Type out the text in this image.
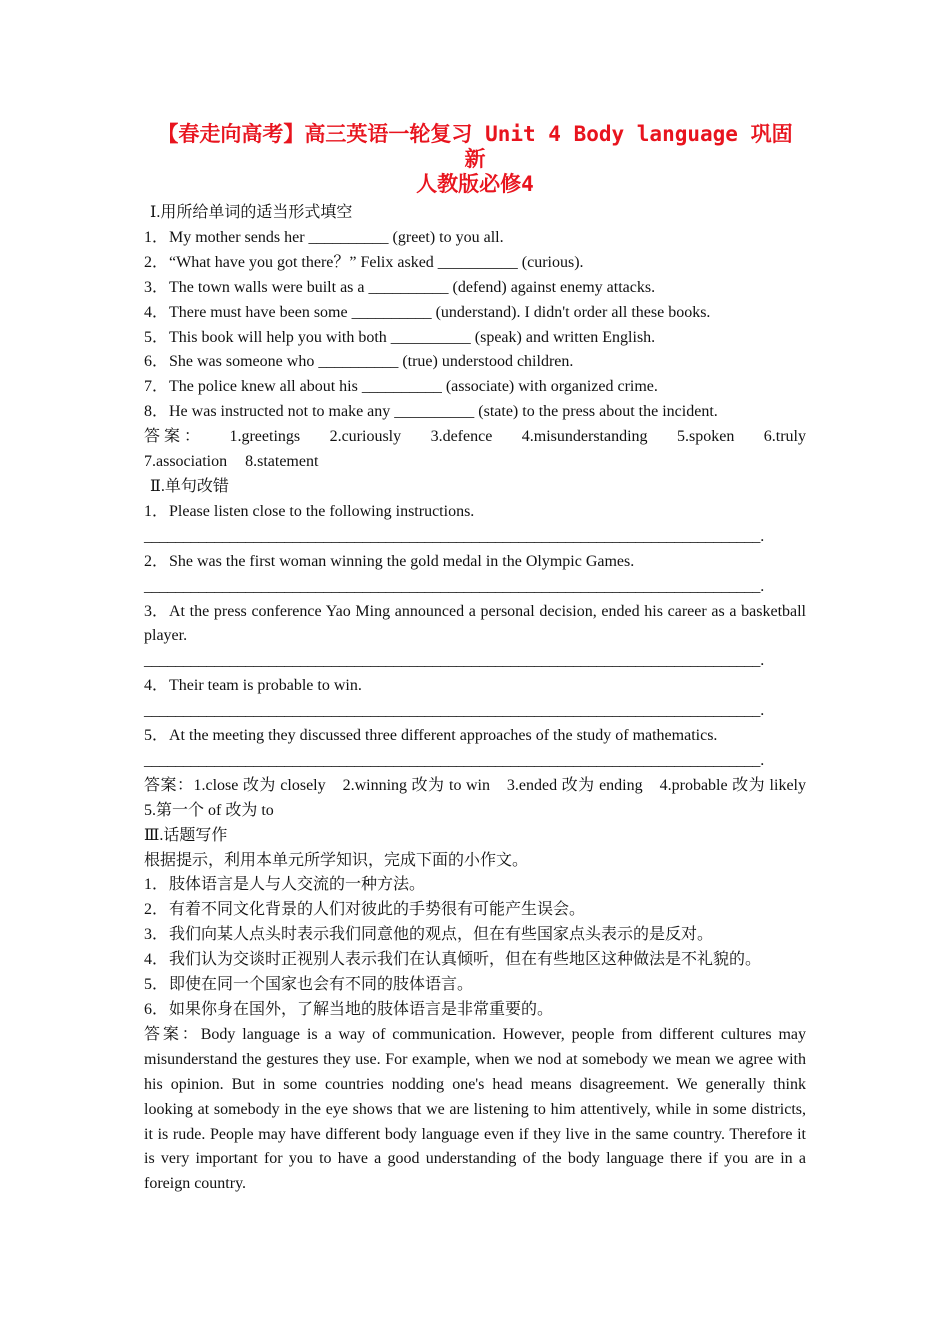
【春走向高考】高三英语一轮复习 Unit 4 Body language 巩固 新
人教版必修4
Ⅰ.用所给单词的适当形式填空
1．My mother sends her __________ (greet) to you all.
2．“What have you got there？” Felix asked __________ (curious).
3．The town walls were built as a __________ (defend) against enemy attacks.
4．There must have been some __________ (understand). I didn't order all these books.
5．This book will help you with both __________ (speak) and written English.
6．She was someone who __________ (true) understood children.
7．The police knew all about his __________ (associate) with organized crime.
8．He was instructed not to make any __________ (state) to the press about the incident.
答 案 ： 1.greetings 2.curiously 3.defence 4.misunderstanding 5.spoken 6.truly
7.association 8.statement
Ⅱ.单句改错
1．Please listen close to the following instructions.
_______________________________________________________________________________.
2．She was the first woman winning the gold medal in the Olympic Games.
_______________________________________________________________________________.
3．At the press conference Yao Ming announced a personal decision, ended his career as a basketball player.
_______________________________________________________________________________.
4．Their team is probable to win.
_______________________________________________________________________________.
5．At the meeting they discussed three different approaches of the study of mathematics.
_______________________________________________________________________________.
答案：1.close 改为 closely　2.winning 改为 to win　3.ended 改为 ending　4.probable 改为 likely　5.第一个 of 改为 to
Ⅲ.话题写作
根据提示，利用本单元所学知识，完成下面的小作文。
1．肢体语言是人与人交流的一种方法。
2．有着不同文化背景的人们对彼此的手势很有可能产生误会。
3．我们向某人点头时表示我们同意他的观点，但在有些国家点头表示的是反对。
4．我们认为交谈时正视别人表示我们在认真倾听，但在有些地区这种做法是不礼貌的。
5．即使在同一个国家也会有不同的肢体语言。
6．如果你身在国外，了解当地的肢体语言是非常重要的。
答案：Body language is a way of communication. However, people from different cultures may misunderstand the gestures they use. For example, when we nod at somebody we mean we agree with his opinion. But in some countries nodding one's head means disagreement. We generally think looking at somebody in the eye shows that we are listening to him attentively, while in some districts, it is rude. People may have different body language even if they live in the same country. Therefore it is very important for you to have a good understanding of the body language there if you are in a foreign country.
